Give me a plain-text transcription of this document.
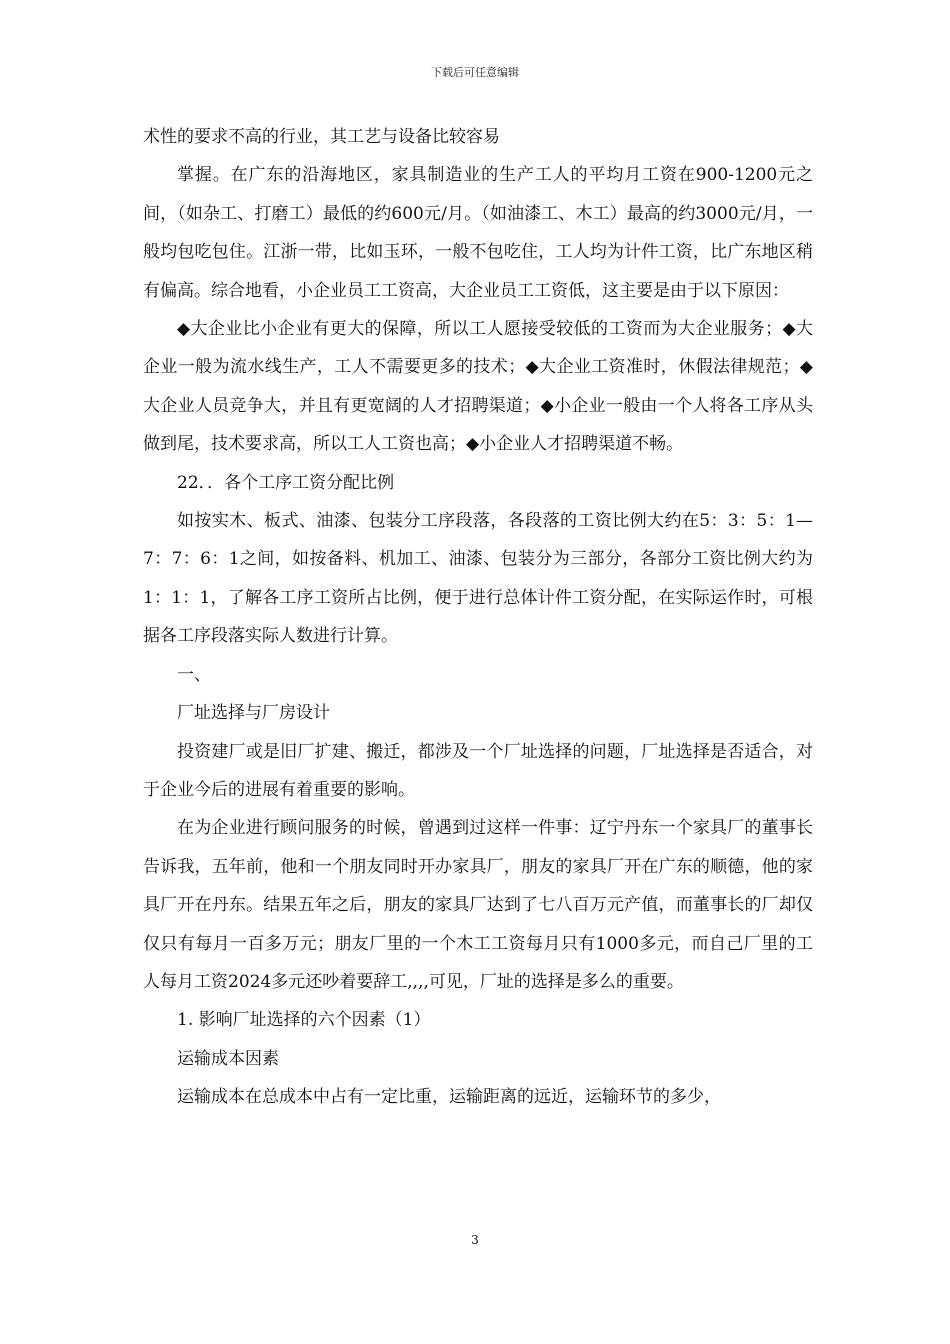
下载后可任意编辑

术性的要求不高的行业，其工艺与设备比较容易

掌握。在广东的沿海地区，家具制造业的生产工人的平均月工资在900-1200元之间，（如杂工、打磨工）最低的约600元/月。（如油漆工、木工）最高的约3000元/月，一般均包吃包住。江浙一带，比如玉环，一般不包吃住，工人均为计件工资，比广东地区稍有偏高。综合地看，小企业员工工资高，大企业员工工资低，这主要是由于以下原因：

◆大企业比小企业有更大的保障，所以工人愿接受较低的工资而为大企业服务；◆大企业一般为流水线生产，工人不需要更多的技术；◆大企业工资准时，休假法律规范；◆大企业人员竞争大，并且有更宽阔的人才招聘渠道；◆小企业一般由一个人将各工序从头做到尾，技术要求高，所以工人工资也高；◆小企业人才招聘渠道不畅。

22．．各个工序工资分配比例

如按实木、板式、油漆、包装分工序段落，各段落的工资比例大约在5：3：5：1—7：7：6：1之间，如按备料、机加工、油漆、包装分为三部分，各部分工资比例大约为1：1：1，了解各工序工资所占比例，便于进行总体计件工资分配，在实际运作时，可根据各工序段落实际人数进行计算。

一、

厂址选择与厂房设计

投资建厂或是旧厂扩建、搬迁，都涉及一个厂址选择的问题，厂址选择是否适合，对于企业今后的进展有着重要的影响。

在为企业进行顾问服务的时候，曾遇到过这样一件事：辽宁丹东一个家具厂的董事长告诉我，五年前，他和一个朋友同时开办家具厂，朋友的家具厂开在广东的顺德，他的家具厂开在丹东。结果五年之后，朋友的家具厂达到了七八百万元产值，而董事长的厂却仅仅只有每月一百多万元；朋友厂里的一个木工工资每月只有1000多元，而自己厂里的工人每月工资2024多元还吵着要辞工,,,,可见，厂址的选择是多么的重要。

1. 影响厂址选择的六个因素（1）

运输成本因素

运输成本在总成本中占有一定比重，运输距离的远近，运输环节的多少，

3
